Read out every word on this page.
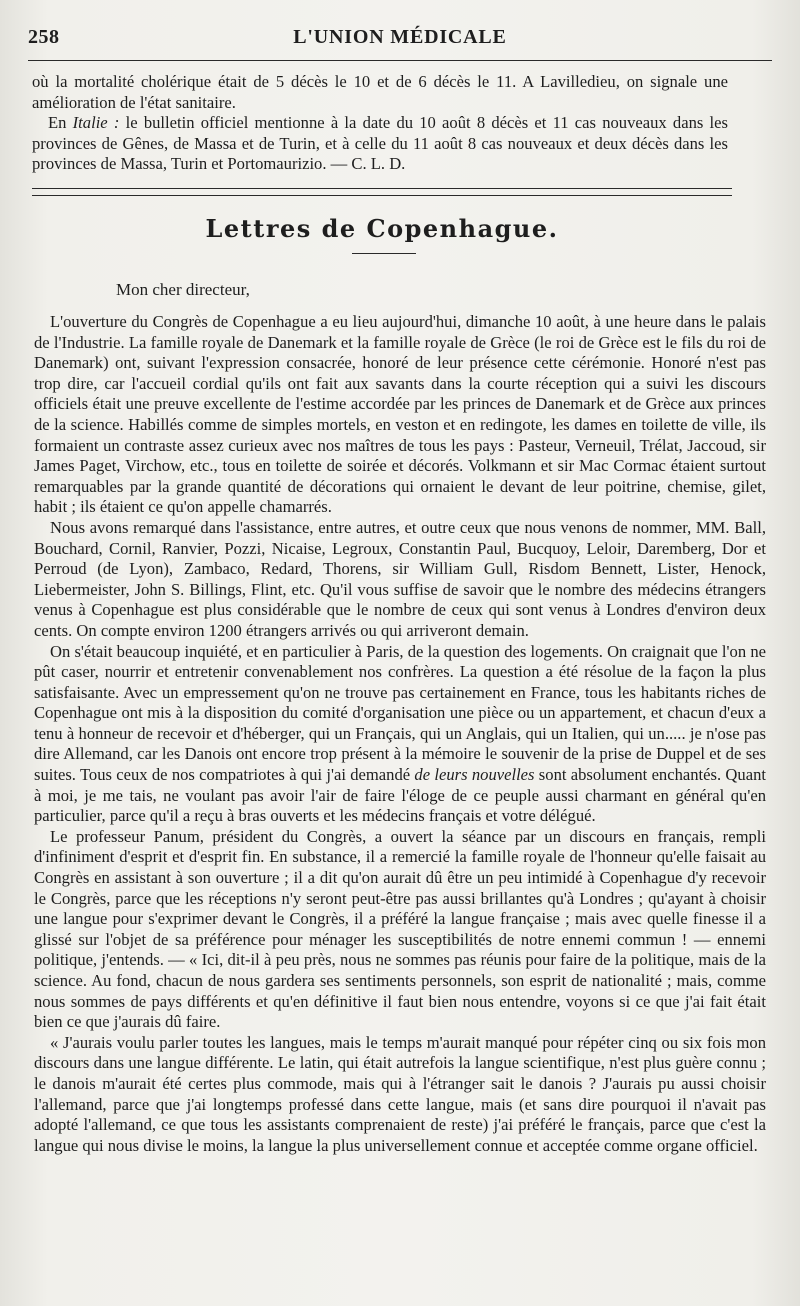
258	L'UNION MÉDICALE

où la mortalité cholérique était de 5 décès le 10 et de 6 décès le 11. A Lavilledieu, on signale une amélioration de l'état sanitaire.

En Italie : le bulletin officiel mentionne à la date du 10 août 8 décès et 11 cas nouveaux dans les provinces de Gênes, de Massa et de Turin, et à celle du 11 août 8 cas nouveaux et deux décès dans les provinces de Massa, Turin et Portomaurizio. — C. L. D.

Lettres de Copenhague.
Mon cher directeur,

L'ouverture du Congrès de Copenhague a eu lieu aujourd'hui, dimanche 10 août, à une heure dans le palais de l'Industrie. La famille royale de Danemark et la famille royale de Grèce (le roi de Grèce est le fils du roi de Danemark) ont, suivant l'expression consacrée, honoré de leur présence cette cérémonie. Honoré n'est pas trop dire, car l'accueil cordial qu'ils ont fait aux savants dans la courte réception qui a suivi les discours officiels était une preuve excellente de l'estime accordée par les princes de Danemark et de Grèce aux princes de la science. Habillés comme de simples mortels, en veston et en redingote, les dames en toilette de ville, ils formaient un contraste assez curieux avec nos maîtres de tous les pays : Pasteur, Verneuil, Trélat, Jaccoud, sir James Paget, Virchow, etc., tous en toilette de soirée et décorés. Volkmann et sir Mac Cormac étaient surtout remarquables par la grande quantité de décorations qui ornaient le devant de leur poitrine, chemise, gilet, habit ; ils étaient ce qu'on appelle chamarrés.

Nous avons remarqué dans l'assistance, entre autres, et outre ceux que nous venons de nommer, MM. Ball, Bouchard, Cornil, Ranvier, Pozzi, Nicaise, Legroux, Constantin Paul, Bucquoy, Leloir, Daremberg, Dor et Perroud (de Lyon), Zambaco, Redard, Thorens, sir William Gull, Risdom Bennett, Lister, Henock, Liebermeister, John S. Billings, Flint, etc. Qu'il vous suffise de savoir que le nombre des médecins étrangers venus à Copenhague est plus considérable que le nombre de ceux qui sont venus à Londres d'environ deux cents. On compte environ 1200 étrangers arrivés ou qui arriveront demain.

On s'était beaucoup inquiété, et en particulier à Paris, de la question des logements. On craignait que l'on ne pût caser, nourrir et entretenir convenablement nos confrères. La question a été résolue de la façon la plus satisfaisante. Avec un empressement qu'on ne trouve pas certainement en France, tous les habitants riches de Copenhague ont mis à la disposition du comité d'organisation une pièce ou un appartement, et chacun d'eux a tenu à honneur de recevoir et d'héberger, qui un Français, qui un Anglais, qui un Italien, qui un..... je n'ose pas dire Allemand, car les Danois ont encore trop présent à la mémoire le souvenir de la prise de Duppel et de ses suites. Tous ceux de nos compatriotes à qui j'ai demandé de leurs nouvelles sont absolument enchantés. Quant à moi, je me tais, ne voulant pas avoir l'air de faire l'éloge de ce peuple aussi charmant en général qu'en particulier, parce qu'il a reçu à bras ouverts et les médecins français et votre délégué.

Le professeur Panum, président du Congrès, a ouvert la séance par un discours en français, rempli d'infiniment d'esprit et d'esprit fin. En substance, il a remercié la famille royale de l'honneur qu'elle faisait au Congrès en assistant à son ouverture ; il a dit qu'on aurait dû être un peu intimidé à Copenhague d'y recevoir le Congrès, parce que les réceptions n'y seront peut-être pas aussi brillantes qu'à Londres ; qu'ayant à choisir une langue pour s'exprimer devant le Congrès, il a préféré la langue française ; mais avec quelle finesse il a glissé sur l'objet de sa préférence pour ménager les susceptibilités de notre ennemi commun ! — ennemi politique, j'entends. — « Ici, dit-il à peu près, nous ne sommes pas réunis pour faire de la politique, mais de la science. Au fond, chacun de nous gardera ses sentiments personnels, son esprit de nationalité ; mais, comme nous sommes de pays différents et qu'en définitive il faut bien nous entendre, voyons si ce que j'ai fait était bien ce que j'aurais dû faire.

« J'aurais voulu parler toutes les langues, mais le temps m'aurait manqué pour répéter cinq ou six fois mon discours dans une langue différente. Le latin, qui était autrefois la langue scientifique, n'est plus guère connu ; le danois m'aurait été certes plus commode, mais qui à l'étranger sait le danois ? J'aurais pu aussi choisir l'allemand, parce que j'ai longtemps professé dans cette langue, mais (et sans dire pourquoi il n'avait pas adopté l'allemand, ce que tous les assistants comprenaient de reste) j'ai préféré le français, parce que c'est la langue qui nous divise le moins, la langue la plus universellement connue et acceptée comme organe officiel.
